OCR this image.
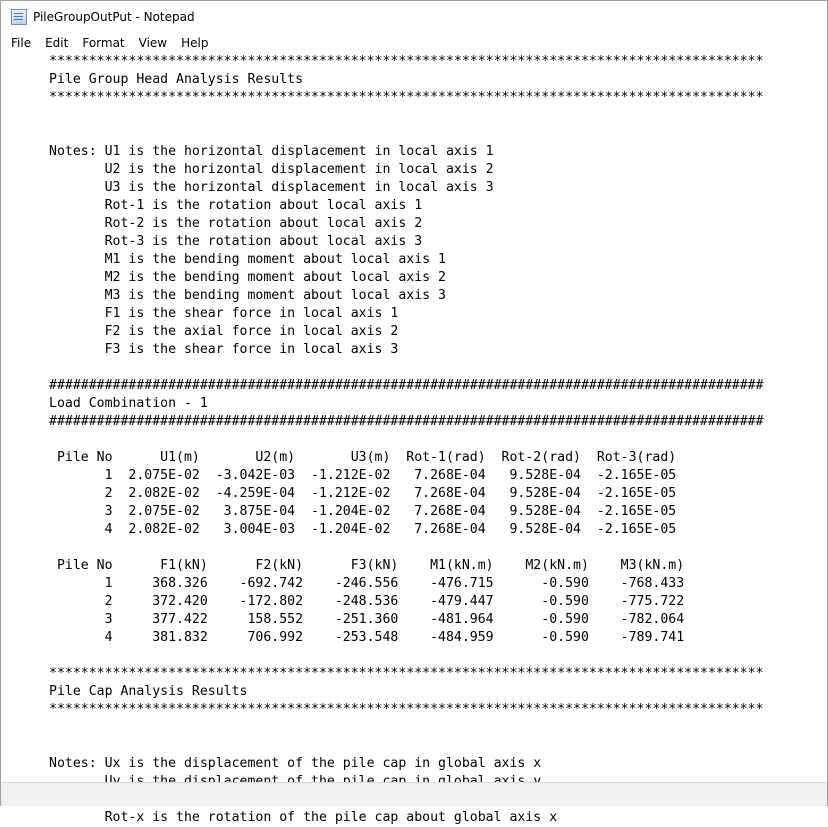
PileGroupOutPut - Notepad
File	Edit	Format	View	Help
******************************************************************************************
Pile Group Head Analysis Results
******************************************************************************************
Notes: U1 is the horizontal displacement in local axis 1
U2 is the horizontal displacement in local axis 2
U3 is the horizontal displacement in local axis 3
Rot-1 is the rotation about local axis 1
Rot-2 is the rotation about local axis 2
Rot-3 is the rotation about local axis 3
M1 is the bending moment about local axis 1
M2 is the bending moment about local axis 2
M3 is the bending moment about local axis 3
F1 is the shear force in local axis 1
F2 is the axial force in local axis 2
F3 is the shear force in local axis 3
##########################################################################################
Load Combination - 1
##########################################################################################
Pile No      U1(m)       U2(m)       U3(m)  Rot-1(rad)  Rot-2(rad)  Rot-3(rad)
1  2.075E-02  -3.042E-03  -1.212E-02   7.268E-04   9.528E-04  -2.165E-05
2  2.082E-02  -4.259E-04  -1.212E-02   7.268E-04   9.528E-04  -2.165E-05
3  2.075E-02   3.875E-04  -1.204E-02   7.268E-04   9.528E-04  -2.165E-05
4  2.082E-02   3.004E-03  -1.204E-02   7.268E-04   9.528E-04  -2.165E-05
Pile No      F1(kN)      F2(kN)      F3(kN)    M1(kN.m)    M2(kN.m)    M3(kN.m)
1     368.326    -692.742    -246.556    -476.715      -0.590    -768.433
2     372.420    -172.802    -248.536    -479.447      -0.590    -775.722
3     377.422     158.552    -251.360    -481.964      -0.590    -782.064
4     381.832     706.992    -253.548    -484.959      -0.590    -789.741
******************************************************************************************
Pile Cap Analysis Results
******************************************************************************************
Notes: Ux is the displacement of the pile cap in global axis x
Rot-x is the rotation of the pile cap about global axis x
